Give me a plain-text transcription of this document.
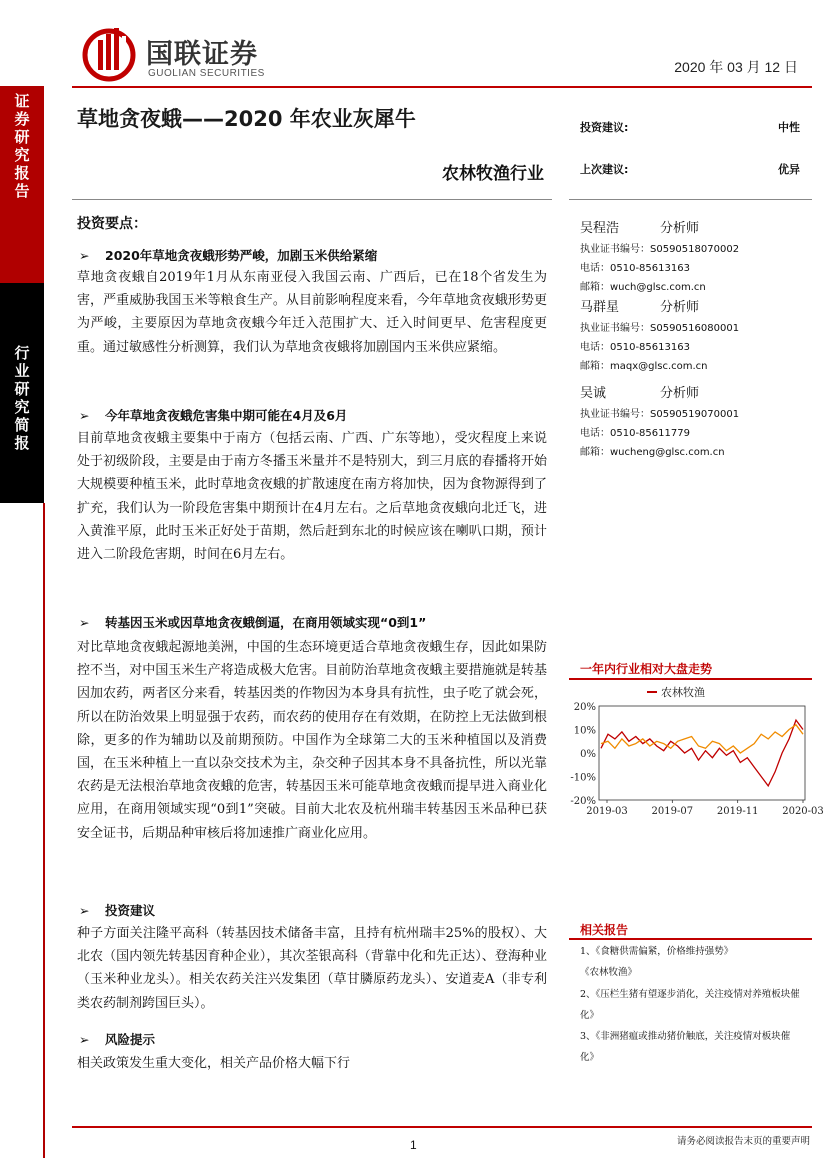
国联证券
GUOLIAN SECURITIES	2020 年 03 月 12 日
证
券
研
究
报
告
行
业
研
究
简
报
草地贪夜蛾——2020 年农业灰犀牛
农林牧渔行业
投资建议:	中性
上次建议:	优异
吴程浩	分析师
执业证书编号：S0590518070002
电话：0510-85613163
邮箱：wuch@glsc.com.cn
马群星	分析师
执业证书编号：S0590516080001
电话：0510-85613163
邮箱：maqx@glsc.com.cn
吴诚	分析师
执业证书编号：S0590519070001
电话：0510-85611779
邮箱：wucheng@glsc.com.cn
投资要点：
➢ 2020年草地贪夜蛾形势严峻，加剧玉米供给紧缩
草地贪夜蛾自2019年1月从东南亚侵入我国云南、广西后，已在18个省发生为害，严重威胁我国玉米等粮食生产。从目前影响程度来看，今年草地贪夜蛾形势更为严峻，主要原因为草地贪夜蛾今年迁入范围扩大、迁入时间更早、危害程度更重。通过敏感性分析测算，我们认为草地贪夜蛾将加剧国内玉米供应紧缩。
➢ 今年草地贪夜蛾危害集中期可能在4月及6月
目前草地贪夜蛾主要集中于南方（包括云南、广西、广东等地），受灾程度上来说处于初级阶段，主要是由于南方冬播玉米量并不是特别大，到三月底的春播将开始大规模要种植玉米，此时草地贪夜蛾的扩散速度在南方将加快，因为食物源得到了扩充，我们认为一阶段危害集中期预计在4月左右。之后草地贪夜蛾向北迁飞，进入黄淮平原，此时玉米正好处于苗期，然后赶到东北的时候应该在喇叭口期，预计进入二阶段危害期，时间在6月左右。
➢ 转基因玉米或因草地贪夜蛾倒逼，在商用领域实现“0到1”
对比草地贪夜蛾起源地美洲，中国的生态环境更适合草地贪夜蛾生存，因此如果防控不当，对中国玉米生产将造成极大危害。目前防治草地贪夜蛾主要措施就是转基因加农药，两者区分来看，转基因类的作物因为本身具有抗性，虫子吃了就会死，所以在防治效果上明显强于农药，而农药的使用存在有效期，在防控上无法做到根除，更多的作为辅助以及前期预防。中国作为全球第二大的玉米种植国以及消费国，在玉米种植上一直以杂交技术为主，杂交种子因其本身不具备抗性，所以光靠农药是无法根治草地贪夜蛾的危害，转基因玉米可能草地贪夜蛾而提早进入商业化应用，在商用领域实现“0到1”突破。目前大北农及杭州瑞丰转基因玉米品种已获安全证书，后期品种审核后将加速推广商业化应用。
➢ 投资建议
种子方面关注隆平高科（转基因技术储备丰富，且持有杭州瑞丰25%的股权）、大北农（国内领先转基因育种企业），其次荃银高科（背靠中化和先正达）、登海种业（玉米种业龙头）。相关农药关注兴发集团（草甘膦原药龙头）、安道麦A（非专利类农药制剂跨国巨头）。
➢ 风险提示
相关政策发生重大变化，相关产品价格大幅下行
一年内行业相对大盘走势
20%
10%
0%
-10%
-20%
2019-03 2019-07 2019-11 2020-03
农林牧渔
相关报告
1、《食糖供需偏紧，价格维持强势》
《农林牧渔》
2、《压栏生猪有望逐步消化，关注疫情对养殖板块催化》
3、《非洲猪瘟或推动猪价触底，关注疫情对板块催化》
1	请务必阅读报告末页的重要声明
